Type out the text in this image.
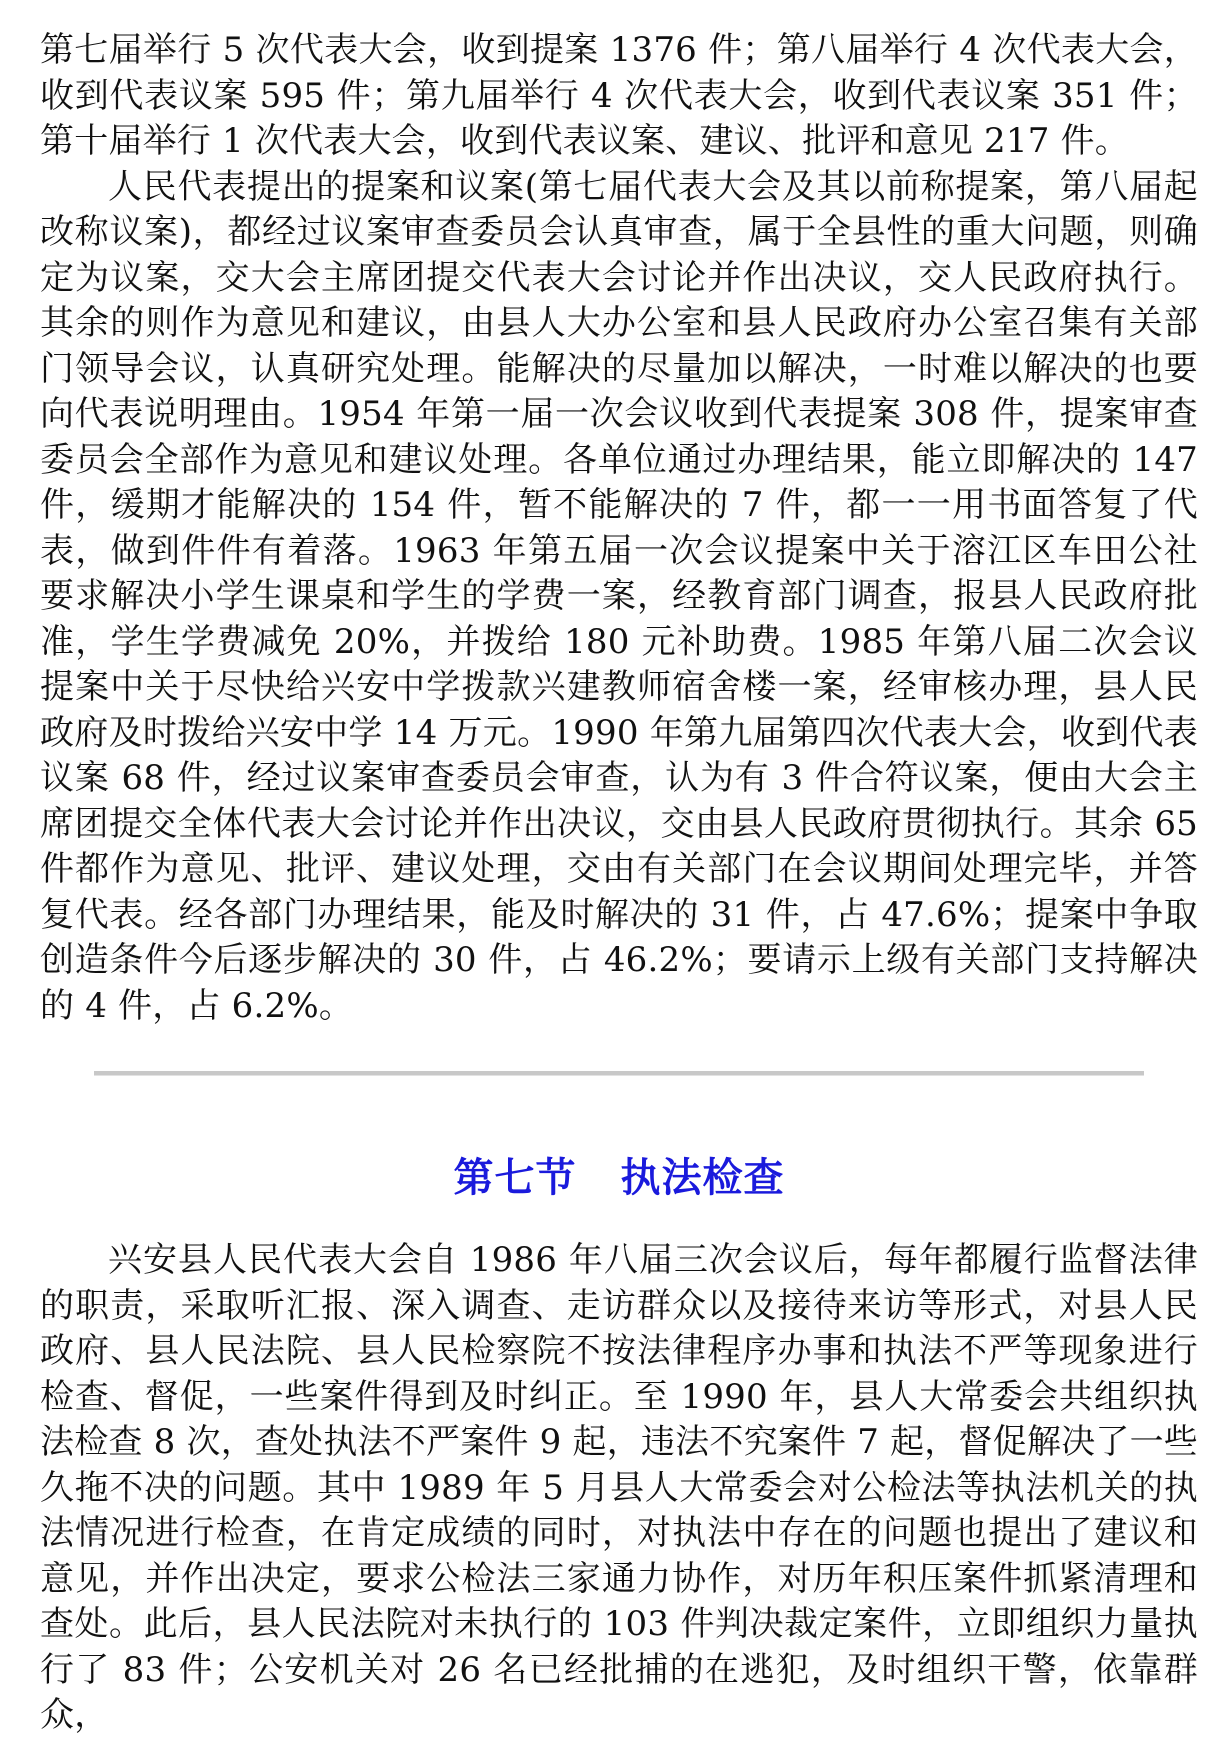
第七届举行 5 次代表大会，收到提案 1376 件；第八届举行 4 次代表大会，收到代表议案 595 件；第九届举行 4 次代表大会，收到代表议案 351 件；第十届举行 1 次代表大会，收到代表议案、建议、批评和意见 217 件。

人民代表提出的提案和议案(第七届代表大会及其以前称提案，第八届起改称议案)，都经过议案审查委员会认真审查，属于全县性的重大问题，则确定为议案，交大会主席团提交代表大会讨论并作出决议，交人民政府执行。其余的则作为意见和建议，由县人大办公室和县人民政府办公室召集有关部门领导会议，认真研究处理。能解决的尽量加以解决，一时难以解决的也要向代表说明理由。1954 年第一届一次会议收到代表提案 308 件，提案审查委员会全部作为意见和建议处理。各单位通过办理结果，能立即解决的 147 件，缓期才能解决的 154 件，暂不能解决的 7 件，都一一用书面答复了代表，做到件件有着落。1963 年第五届一次会议提案中关于溶江区车田公社要求解决小学生课桌和学生的学费一案，经教育部门调查，报县人民政府批准，学生学费减免 20%，并拨给 180 元补助费。1985 年第八届二次会议提案中关于尽快给兴安中学拨款兴建教师宿舍楼一案，经审核办理，县人民政府及时拨给兴安中学 14 万元。1990 年第九届第四次代表大会，收到代表议案 68 件，经过议案审查委员会审查，认为有 3 件合符议案，便由大会主席团提交全体代表大会讨论并作出决议，交由县人民政府贯彻执行。其余 65 件都作为意见、批评、建议处理，交由有关部门在会议期间处理完毕，并答复代表。经各部门办理结果，能及时解决的 31 件，占 47.6%；提案中争取创造条件今后逐步解决的 30 件，占 46.2%；要请示上级有关部门支持解决的 4 件，占 6.2%。

第七节 执法检查

兴安县人民代表大会自 1986 年八届三次会议后，每年都履行监督法律的职责，采取听汇报、深入调查、走访群众以及接待来访等形式，对县人民政府、县人民法院、县人民检察院不按法律程序办事和执法不严等现象进行检查、督促，一些案件得到及时纠正。至 1990 年，县人大常委会共组织执法检查 8 次，查处执法不严案件 9 起，违法不究案件 7 起，督促解决了一些久拖不决的问题。其中 1989 年 5 月县人大常委会对公检法等执法机关的执法情况进行检查，在肯定成绩的同时，对执法中存在的问题也提出了建议和意见，并作出决定，要求公检法三家通力协作，对历年积压案件抓紧清理和查处。此后，县人民法院对未执行的 103 件判决裁定案件，立即组织力量执行了 83 件；公安机关对 26 名已经批捕的在逃犯，及时组织干警，依靠群众，
